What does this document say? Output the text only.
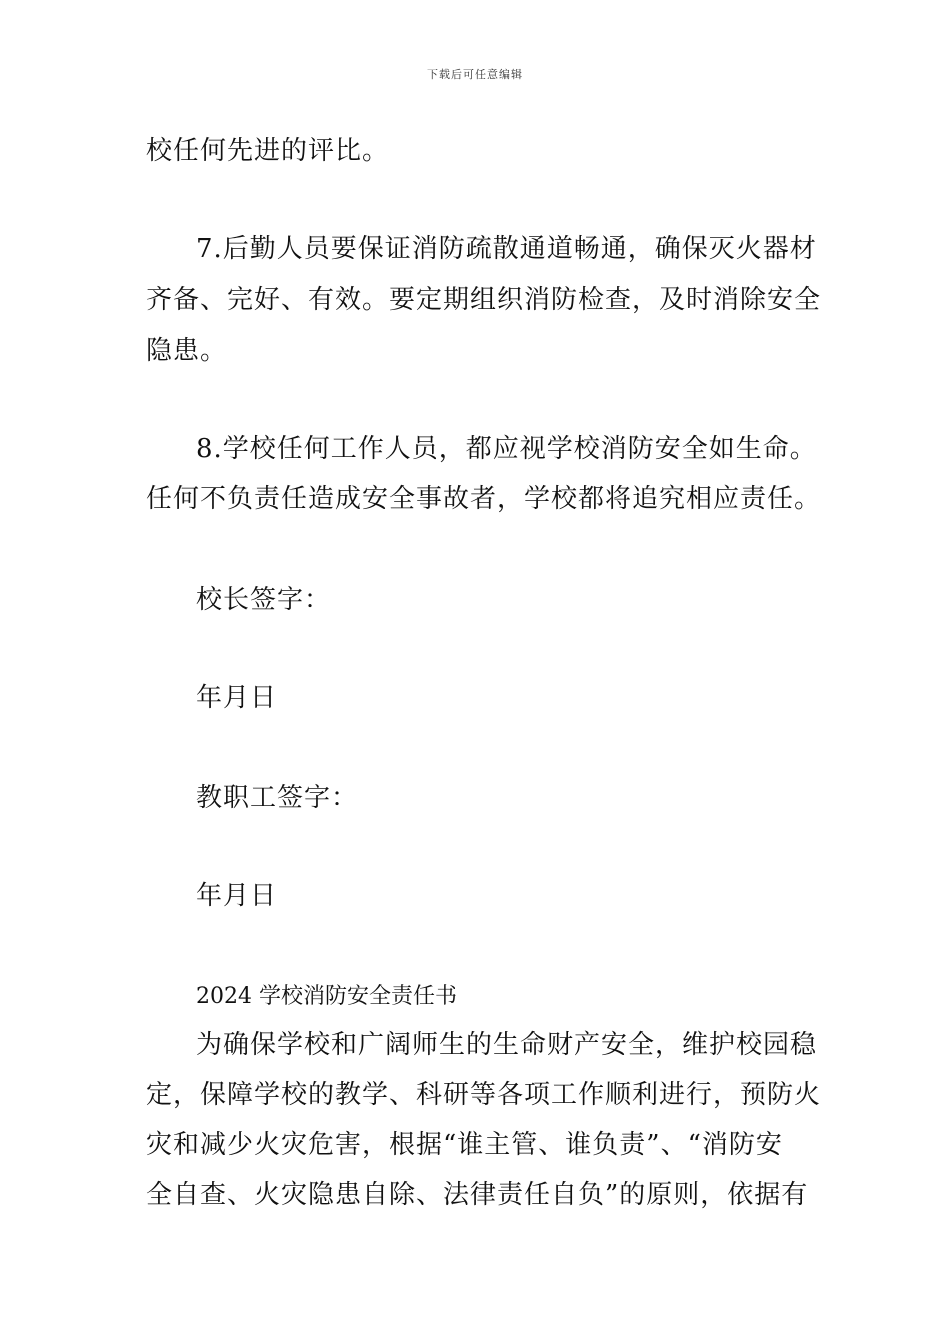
下载后可任意编辑
校任何先进的评比。
7.后勤人员要保证消防疏散通道畅通，确保灭火器材
齐备、完好、有效。要定期组织消防检查，及时消除安全
隐患。
8.学校任何工作人员，都应视学校消防安全如生命。
任何不负责任造成安全事故者，学校都将追究相应责任。
校长签字：
年月日
教职工签字：
年月日
2024 学校消防安全责任书
为确保学校和广阔师生的生命财产安全，维护校园稳
定，保障学校的教学、科研等各项工作顺利进行，预防火
灾和减少火灾危害，根据“谁主管、谁负责”、“消防安
全自查、火灾隐患自除、法律责任自负”的原则，依据有
